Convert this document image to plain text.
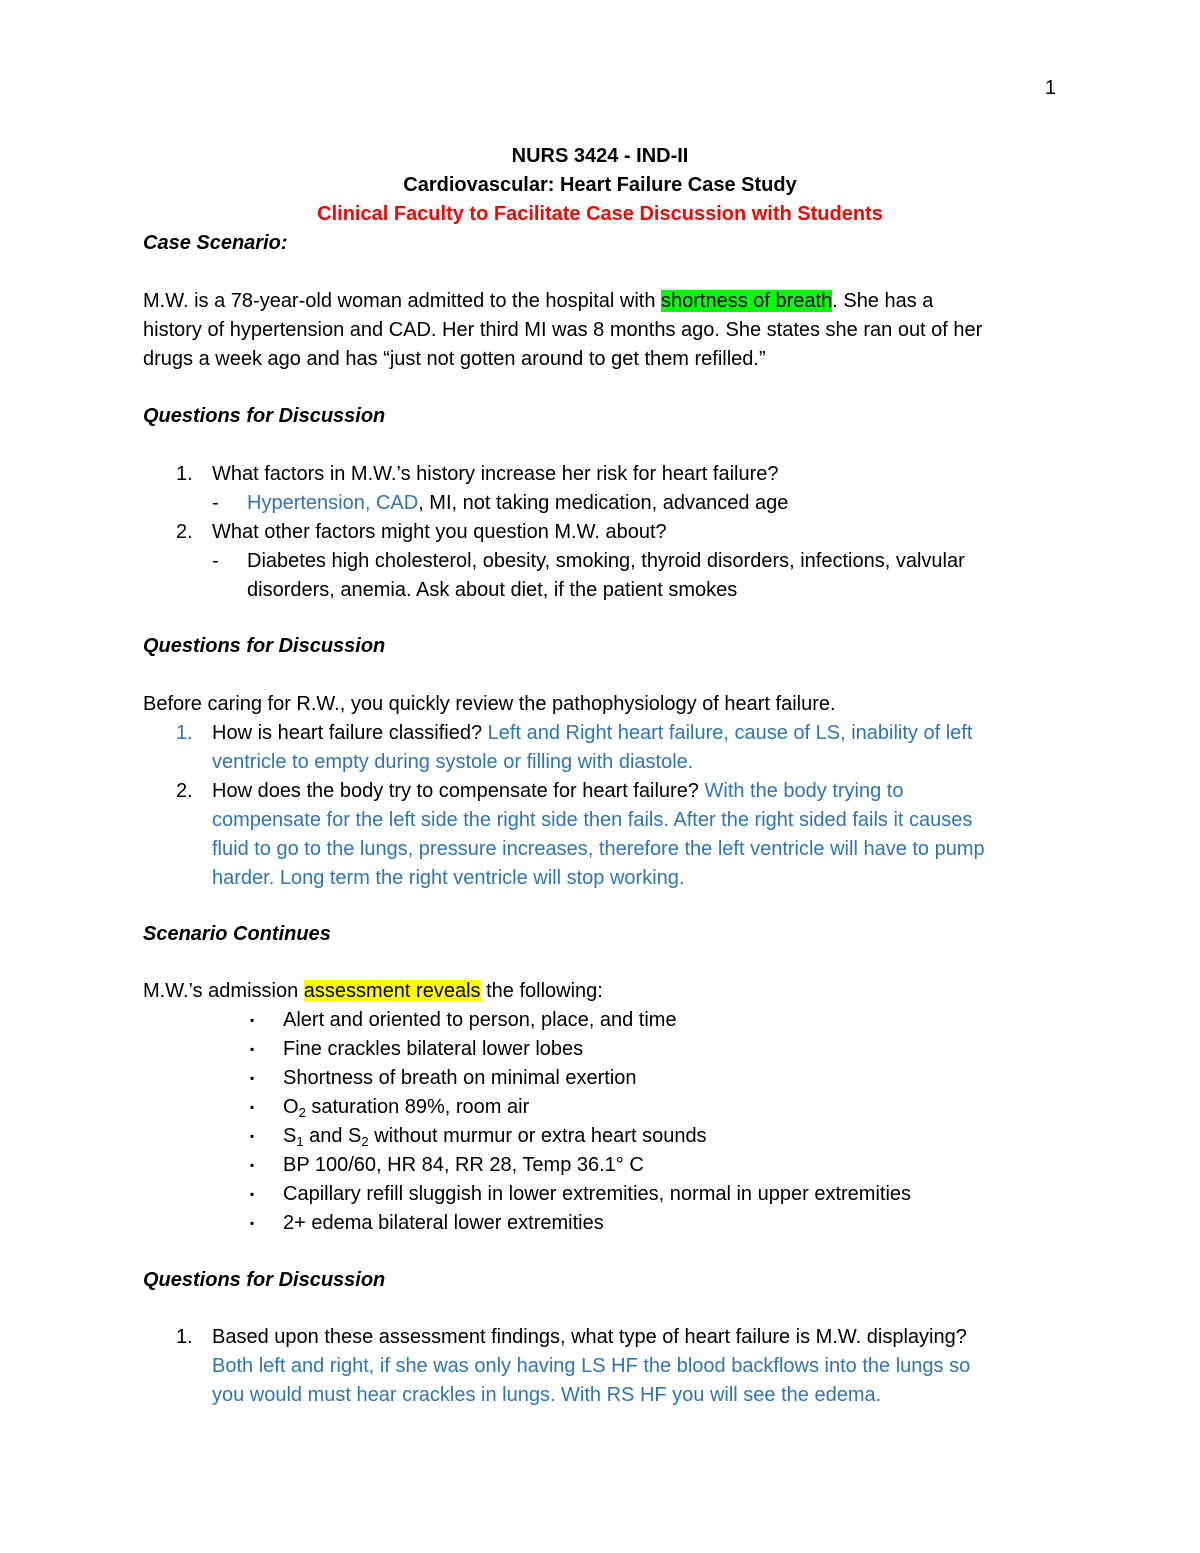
1
NURS 3424 - IND-II
Cardiovascular: Heart Failure Case Study
Clinical Faculty to Facilitate Case Discussion with Students
Case Scenario:
M.W. is a 78-year-old woman admitted to the hospital with shortness of breath. She has a
history of hypertension and CAD. Her third MI was 8 months ago. She states she ran out of her
drugs a week ago and has “just not gotten around to get them refilled.”
Questions for Discussion
1. What factors in M.W.’s history increase her risk for heart failure?
- Hypertension, CAD, MI, not taking medication, advanced age
2. What other factors might you question M.W. about?
- Diabetes high cholesterol, obesity, smoking, thyroid disorders, infections, valvular
disorders, anemia. Ask about diet, if the patient smokes
Questions for Discussion
Before caring for R.W., you quickly review the pathophysiology of heart failure.
1. How is heart failure classified? Left and Right heart failure, cause of LS, inability of left
ventricle to empty during systole or filling with diastole.
2. How does the body try to compensate for heart failure? With the body trying to
compensate for the left side the right side then fails. After the right sided fails it causes
fluid to go to the lungs, pressure increases, therefore the left ventricle will have to pump
harder. Long term the right ventricle will stop working.
Scenario Continues
M.W.’s admission assessment reveals the following:
▪ Alert and oriented to person, place, and time
▪ Fine crackles bilateral lower lobes
▪ Shortness of breath on minimal exertion
▪ $O_2$ saturation 89%, room air
▪ $S_1$ and $S_2$ without murmur or extra heart sounds
▪ BP 100/60, HR 84, RR 28, Temp 36.1° C
▪ Capillary refill sluggish in lower extremities, normal in upper extremities
▪ 2+ edema bilateral lower extremities
Questions for Discussion
1. Based upon these assessment findings, what type of heart failure is M.W. displaying?
Both left and right, if she was only having LS HF the blood backflows into the lungs so
you would must hear crackles in lungs. With RS HF you will see the edema.
